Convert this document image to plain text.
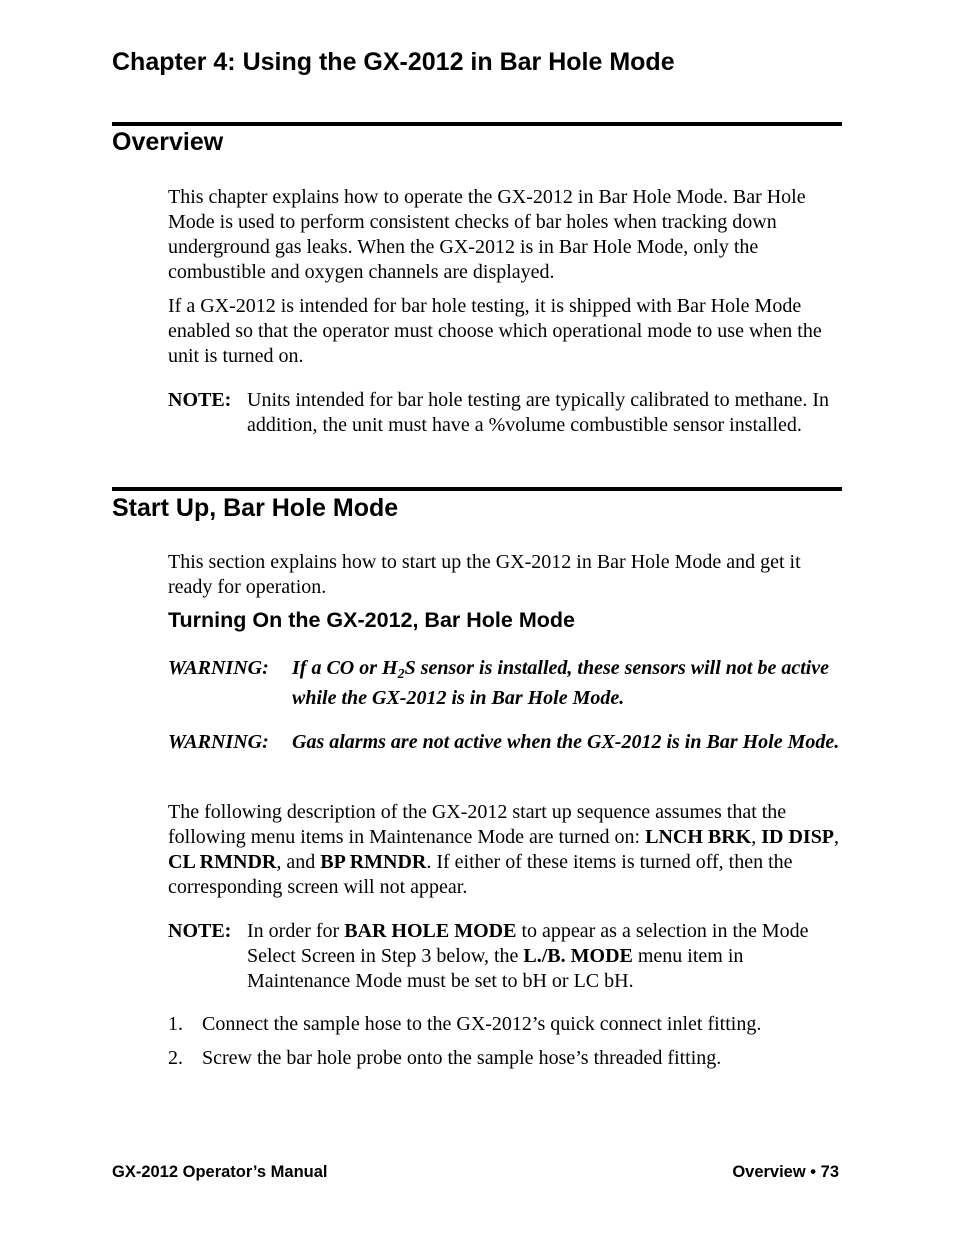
Chapter 4: Using the GX-2012 in Bar Hole Mode
Overview

This chapter explains how to operate the GX-2012 in Bar Hole Mode. Bar Hole Mode is used to perform consistent checks of bar holes when tracking down underground gas leaks. When the GX-2012 is in Bar Hole Mode, only the combustible and oxygen channels are displayed.

If a GX-2012 is intended for bar hole testing, it is shipped with Bar Hole Mode enabled so that the operator must choose which operational mode to use when the unit is turned on.

NOTE: Units intended for bar hole testing are typically calibrated to methane. In addition, the unit must have a %volume combustible sensor installed.
Start Up, Bar Hole Mode

This section explains how to start up the GX-2012 in Bar Hole Mode and get it ready for operation.

Turning On the GX-2012, Bar Hole Mode
WARNING: If a CO or $H_2S$ sensor is installed, these sensors will not be active while the GX-2012 is in Bar Hole Mode.
WARNING: Gas alarms are not active when the GX-2012 is in Bar Hole Mode.

The following description of the GX-2012 start up sequence assumes that the following menu items in Maintenance Mode are turned on: LNCH BRK, ID DISP, CL RMNDR, and BP RMNDR. If either of these items is turned off, then the corresponding screen will not appear.

NOTE: In order for BAR HOLE MODE to appear as a selection in the Mode Select Screen in Step 3 below, the L./B. MODE menu item in Maintenance Mode must be set to bH or LC bH.
1. Connect the sample hose to the GX-2012’s quick connect inlet fitting.
2. Screw the bar hole probe onto the sample hose’s threaded fitting.
GX-2012 Operator’s Manual	Overview • 73
